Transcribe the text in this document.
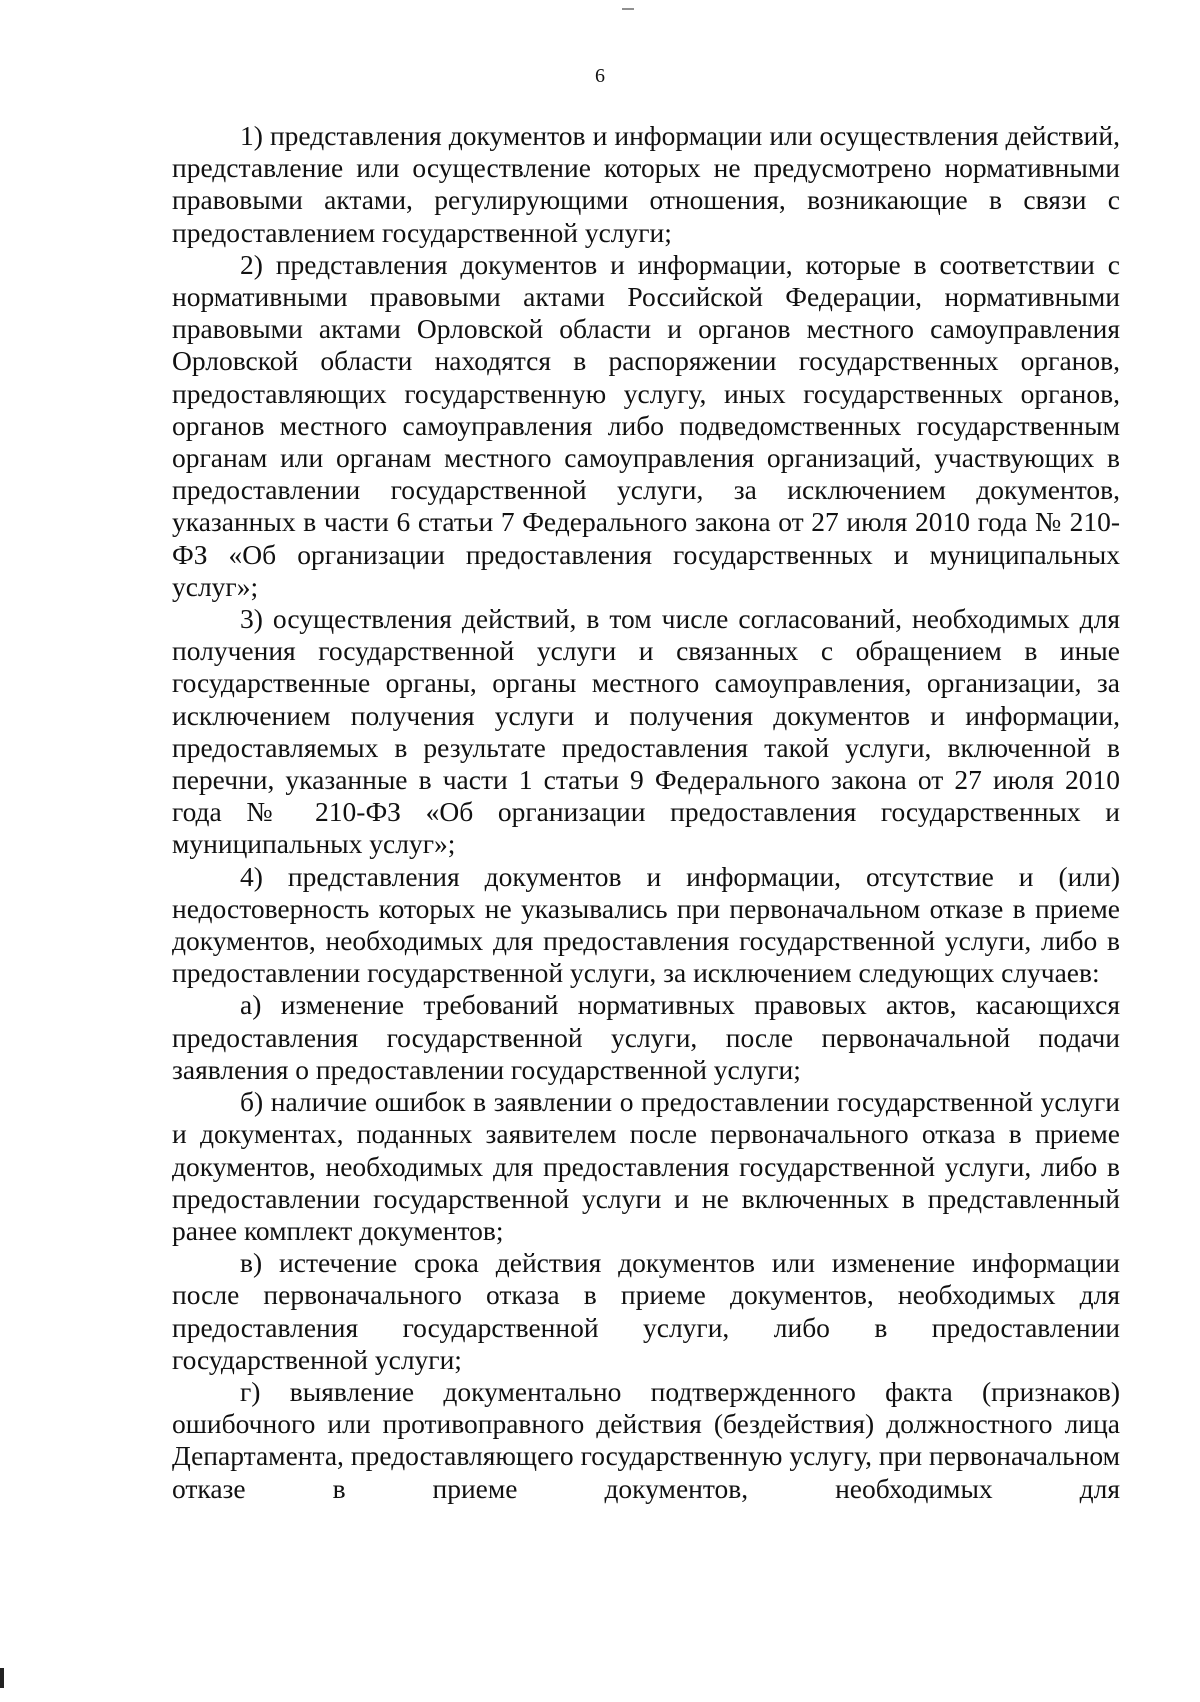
6

1) представления документов и информации или осуществления действий, представление или осуществление которых не предусмотрено нормативными правовыми актами, регулирующими отношения, возникающие в связи с предоставлением государственной услуги;

2) представления документов и информации, которые в соответствии с нормативными правовыми актами Российской Федерации, нормативными правовыми актами Орловской области и органов местного самоуправления Орловской области находятся в распоряжении государственных органов, предоставляющих государственную услугу, иных государственных органов, органов местного самоуправления либо подведомственных государственным органам или органам местного самоуправления организаций, участвующих в предоставлении государственной услуги, за исключением документов, указанных в части 6 статьи 7 Федерального закона от 27 июля 2010 года № 210-ФЗ «Об организации предоставления государственных и муниципальных услуг»;

3) осуществления действий, в том числе согласований, необходимых для получения государственной услуги и связанных с обращением в иные государственные органы, органы местного самоуправления, организации, за исключением получения услуги и получения документов и информации, предоставляемых в результате предоставления такой услуги, включенной в перечни, указанные в части 1 статьи 9 Федерального закона от 27 июля 2010 года № 210-ФЗ «Об организации предоставления государственных и муниципальных услуг»;

4) представления документов и информации, отсутствие и (или) недостоверность которых не указывались при первоначальном отказе в приеме документов, необходимых для предоставления государственной услуги, либо в предоставлении государственной услуги, за исключением следующих случаев:

а) изменение требований нормативных правовых актов, касающихся предоставления государственной услуги, после первоначальной подачи заявления о предоставлении государственной услуги;

б) наличие ошибок в заявлении о предоставлении государственной услуги и документах, поданных заявителем после первоначального отказа в приеме документов, необходимых для предоставления государственной услуги, либо в предоставлении государственной услуги и не включенных в представленный ранее комплект документов;

в) истечение срока действия документов или изменение информации после первоначального отказа в приеме документов, необходимых для предоставления государственной услуги, либо в предоставлении государственной услуги;

г) выявление документально подтвержденного факта (признаков) ошибочного или противоправного действия (бездействия) должностного лица Департамента, предоставляющего государственную услугу, при первоначальном отказе в приеме документов, необходимых для
